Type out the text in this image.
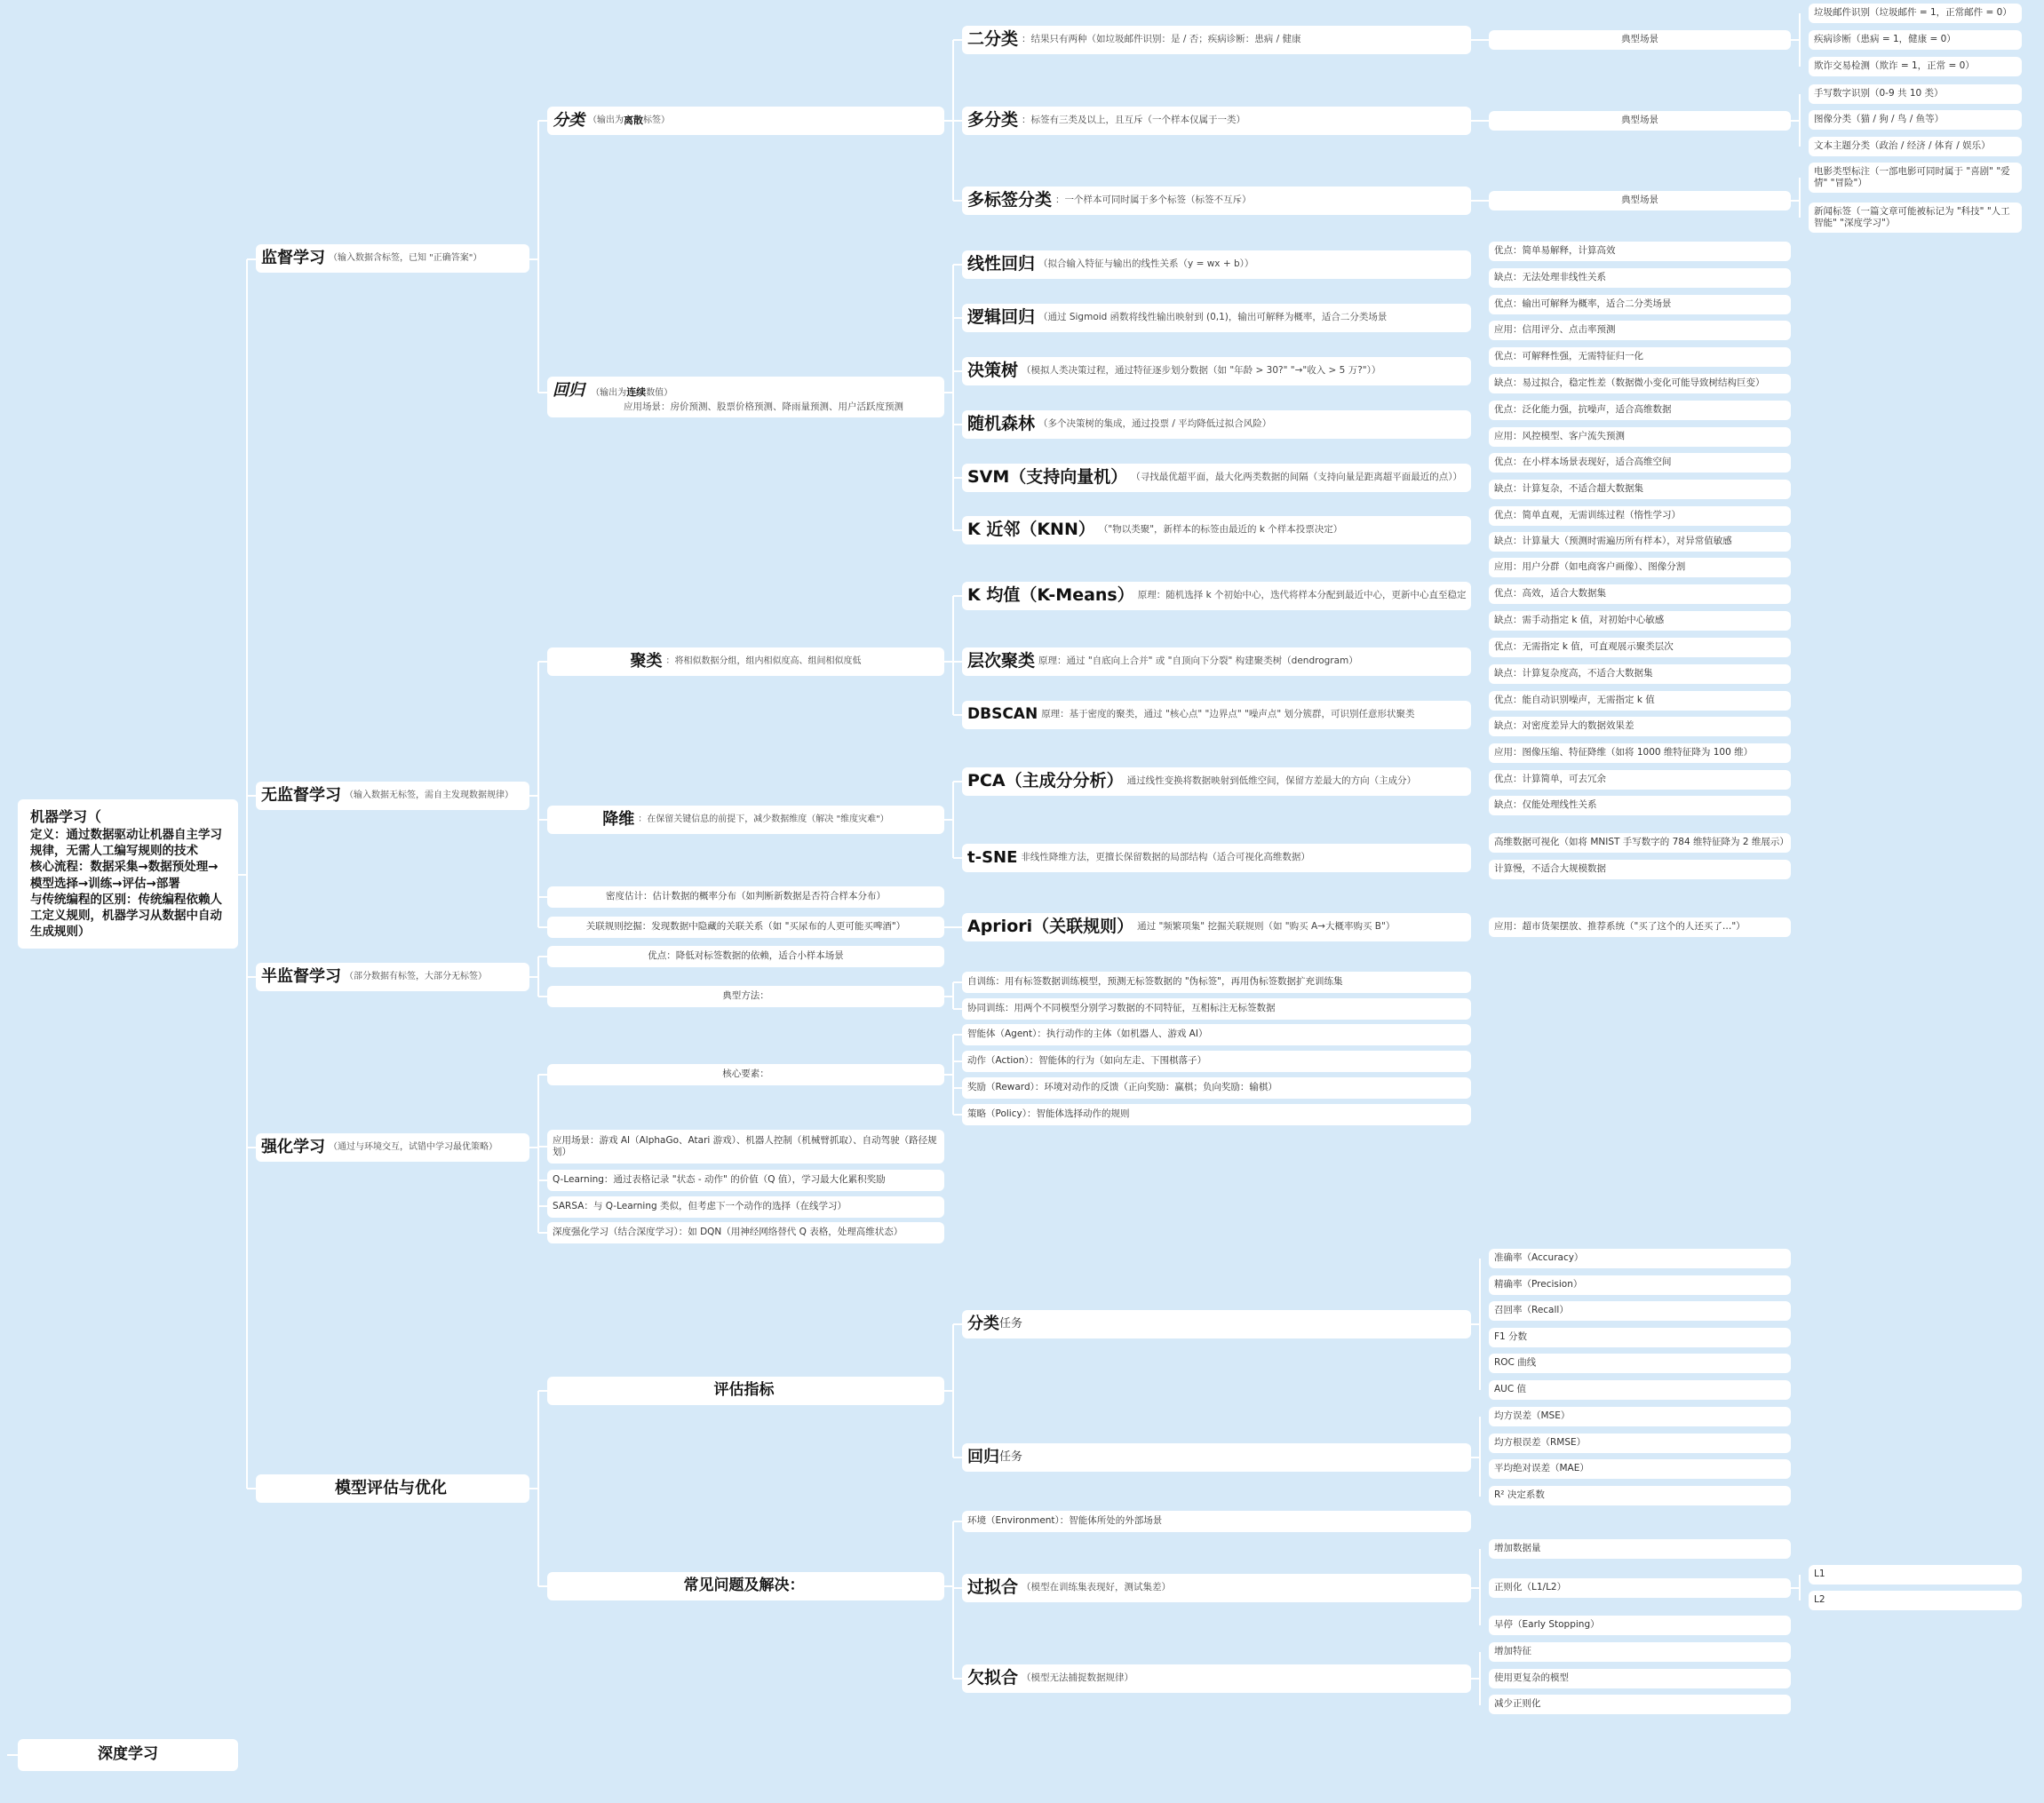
机器学习（
定义：通过数据驱动让机器自主学习规律，无需人工编写规则的技术
核心流程：数据采集→数据预处理→模型选择→训练→评估→部署
与传统编程的区别：传统编程依赖人工定义规则，机器学习从数据中自动生成规则）
深度学习
监督学习 （输入数据含标签，已知 "正确答案"）
无监督学习 （输入数据无标签，需自主发现数据规律）
半监督学习 （部分数据有标签，大部分无标签）
强化学习 （通过与环境交互，试错中学习最优策略）
模型评估与优化
分类 （输出为 离散 标签）
回归 （输出为连续数值）
应用场景：房价预测、股票价格预测、降雨量预测、用户活跃度预测
聚类 ：将相似数据分组，组内相似度高、组间相似度低
降维 ：在保留关键信息的前提下，减少数据维度（解决 "维度灾难"）
密度估计：估计数据的概率分布（如判断新数据是否符合样本分布）
关联规则挖掘：发现数据中隐藏的关联关系（如 "买尿布的人更可能买啤酒"）
优点：降低对标签数据的依赖，适合小样本场景
典型方法：
核心要素：
应用场景：游戏 AI（AlphaGo、Atari 游戏）、机器人控制（机械臂抓取）、自动驾驶（路径规划）
Q-Learning：通过表格记录 "状态 - 动作" 的价值（Q 值），学习最大化累积奖励
SARSA：与 Q-Learning 类似，但考虑下一个动作的选择（在线学习）
深度强化学习（结合深度学习）：如 DQN（用神经网络替代 Q 表格，处理高维状态）
评估指标
常见问题及解决：
二分类 ：结果只有两种（如垃圾邮件识别：是 / 否；疾病诊断：患病 / 健康
多分类 ：标签有三类及以上，且互斥（一个样本仅属于一类）
多标签分类 ：一个样本可同时属于多个标签（标签不互斥）
线性回归 （拟合输入特征与输出的线性关系（y = wx + b））
逻辑回归 （通过 Sigmoid 函数将线性输出映射到 (0,1)，输出可解释为概率，适合二分类场景
决策树 （模拟人类决策过程，通过特征逐步划分数据（如 "年龄 > 30?" "→"收入 > 5 万?"））
随机森林 （多个决策树的集成，通过投票 / 平均降低过拟合风险）
SVM（支持向量机） （寻找最优超平面，最大化两类数据的间隔（支持向量是距离超平面最近的点））
K 近邻（KNN） （"物以类聚"，新样本的标签由最近的 k 个样本投票决定）
K 均值（K-Means） 原理：随机选择 k 个初始中心，迭代将样本分配到最近中心，更新中心直至稳定
层次聚类 原理：通过 "自底向上合并" 或 "自顶向下分裂" 构建聚类树（dendrogram）
DBSCAN 原理：基于密度的聚类，通过 "核心点" "边界点" "噪声点" 划分簇群，可识别任意形状聚类
PCA（主成分分析） 通过线性变换将数据映射到低维空间，保留方差最大的方向（主成分）
t-SNE 非线性降维方法，更擅长保留数据的局部结构（适合可视化高维数据）
Apriori（关联规则） 通过 "频繁项集" 挖掘关联规则（如 "购买 A→大概率购买 B"）
自训练：用有标签数据训练模型，预测无标签数据的 "伪标签"，再用伪标签数据扩充训练集
协同训练：用两个不同模型分别学习数据的不同特征，互相标注无标签数据
智能体（Agent）：执行动作的主体（如机器人、游戏 AI）
动作（Action）：智能体的行为（如向左走、下围棋落子）
奖励（Reward）：环境对动作的反馈（正向奖励：赢棋；负向奖励：输棋）
策略（Policy）：智能体选择动作的规则
分类 任务
回归 任务
环境（Environment）：智能体所处的外部场景
过拟合 （模型在训练集表现好，测试集差）
欠拟合 （模型无法捕捉数据规律）
典型场景
典型场景
典型场景
优点：简单易解释，计算高效
缺点：无法处理非线性关系
优点：输出可解释为概率，适合二分类场景
应用：信用评分、点击率预测
优点：可解释性强，无需特征归一化
缺点：易过拟合，稳定性差（数据微小变化可能导致树结构巨变）
优点：泛化能力强，抗噪声，适合高维数据
应用：风控模型、客户流失预测
优点：在小样本场景表现好，适合高维空间
缺点：计算复杂，不适合超大数据集
优点：简单直观，无需训练过程（惰性学习）
缺点：计算量大（预测时需遍历所有样本），对异常值敏感
应用：用户分群（如电商客户画像）、图像分割
优点：高效，适合大数据集
缺点：需手动指定 k 值，对初始中心敏感
优点：无需指定 k 值，可直观展示聚类层次
缺点：计算复杂度高，不适合大数据集
优点：能自动识别噪声，无需指定 k 值
缺点：对密度差异大的数据效果差
应用：图像压缩、特征降维（如将 1000 维特征降为 100 维）
优点：计算简单，可去冗余
缺点：仅能处理线性关系
高维数据可视化（如将 MNIST 手写数字的 784 维特征降为 2 维展示）
计算慢，不适合大规模数据
应用：超市货架摆放、推荐系统（"买了这个的人还买了…"）
准确率（Accuracy）
精确率（Precision）
召回率（Recall）
F1 分数
ROC 曲线
AUC 值
均方误差（MSE）
均方根误差（RMSE）
平均绝对误差（MAE）
R² 决定系数
增加数据量
正则化（L1/L2）
早停（Early Stopping）
增加特征
使用更复杂的模型
减少正则化
垃圾邮件识别（垃圾邮件 = 1，正常邮件 = 0）
疾病诊断（患病 = 1，健康 = 0）
欺诈交易检测（欺诈 = 1，正常 = 0）
手写数字识别（0-9 共 10 类）
图像分类（猫 / 狗 / 鸟 / 鱼等）
文本主题分类（政治 / 经济 / 体育 / 娱乐）
电影类型标注（一部电影可同时属于 "喜剧" "爱情" "冒险"）
新闻标签（一篇文章可能被标记为 "科技" "人工智能" "深度学习"）
L1
L2
